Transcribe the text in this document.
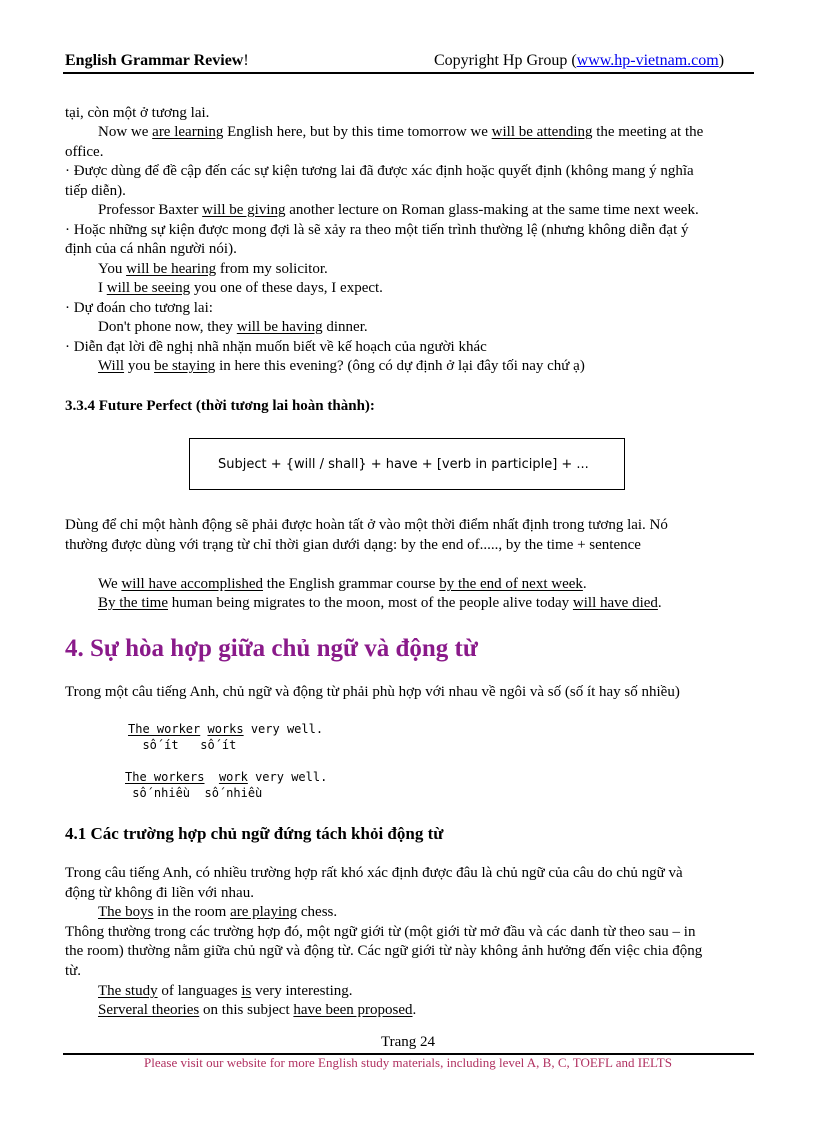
English Grammar Review!	Copyright Hp Group (www.hp-vietnam.com)
tại, còn một ở tương lai.
Now we are learning English here, but by this time tomorrow we will be attending the meeting at the
office.
· Được dùng để đề cập đến các sự kiện tương lai đã được xác định hoặc quyết định (không mang ý nghĩa
tiếp diễn).
Professor Baxter will be giving another lecture on Roman glass-making at the same time next week.
· Hoặc những sự kiện được mong đợi là sẽ xảy ra theo một tiến trình thường lệ (nhưng không diễn đạt ý
định của cá nhân người nói).
You will be hearing from my solicitor.
I will be seeing you one of these days, I expect.
· Dự đoán cho tương lai:
Don't phone now, they will be having dinner.
· Diễn đạt lời đề nghị nhã nhặn muốn biết về kế hoạch của người khác
Will you be staying in here this evening? (ông có dự định ở lại đây tối nay chứ ạ)
3.3.4 Future Perfect (thời tương lai hoàn thành):
Subject + {will / shall} + have + [verb in participle] + ...
Dùng để chỉ một hành động sẽ phải được hoàn tất ở vào một thời điểm nhất định trong tương lai. Nó
thường được dùng với trạng từ chỉ thời gian dưới dạng: by the end of....., by the time + sentence
We will have accomplished the English grammar course by the end of next week.
By the time human being migrates to the moon, most of the people alive today will have died.
4. Sự hòa hợp giữa chủ ngữ và động từ
Trong một câu tiếng Anh, chủ ngữ và động từ phải phù hợp với nhau về ngôi và số (số ít hay số nhiều)
The worker works very well.
số ít   số ít
The workers work very well.
số nhiều  số nhiều
4.1 Các trường hợp chủ ngữ đứng tách khỏi động từ
Trong câu tiếng Anh, có nhiều trường hợp rất khó xác định được đâu là chủ ngữ của câu do chủ ngữ và
động từ không đi liền với nhau.
The boys in the room are playing chess.
Thông thường trong các trường hợp đó, một ngữ giới từ (một giới từ mở đầu và các danh từ theo sau – in
the room) thường nằm giữa chủ ngữ và động từ. Các ngữ giới từ này không ảnh hưởng đến việc chia động
từ.
The study of languages is very interesting.
Serveral theories on this subject have been proposed.
Trang 24
Please visit our website for more English study materials, including level A, B, C, TOEFL and IELTS
